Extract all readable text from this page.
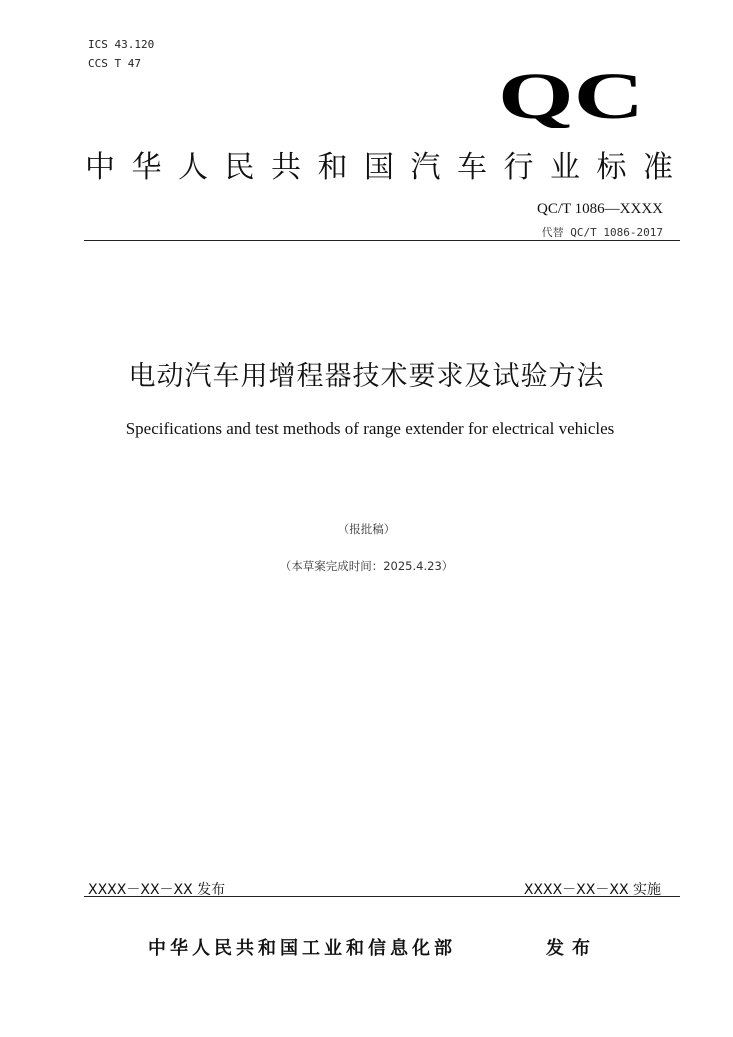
ICS 43.120
CCS T 47	QC
中 华 人 民 共 和 国 汽 车 行 业 标 准
QC/T 1086—XXXX
代替 QC/T 1086-2017
电动汽车用增程器技术要求及试验方法
Specifications and test methods of range extender for electrical vehicles
（报批稿）
（本草案完成时间：2025.4.23）
XXXX－XX－XX 发布	XXXX－XX－XX 实施
中华人民共和国工业和信息化部	发布
